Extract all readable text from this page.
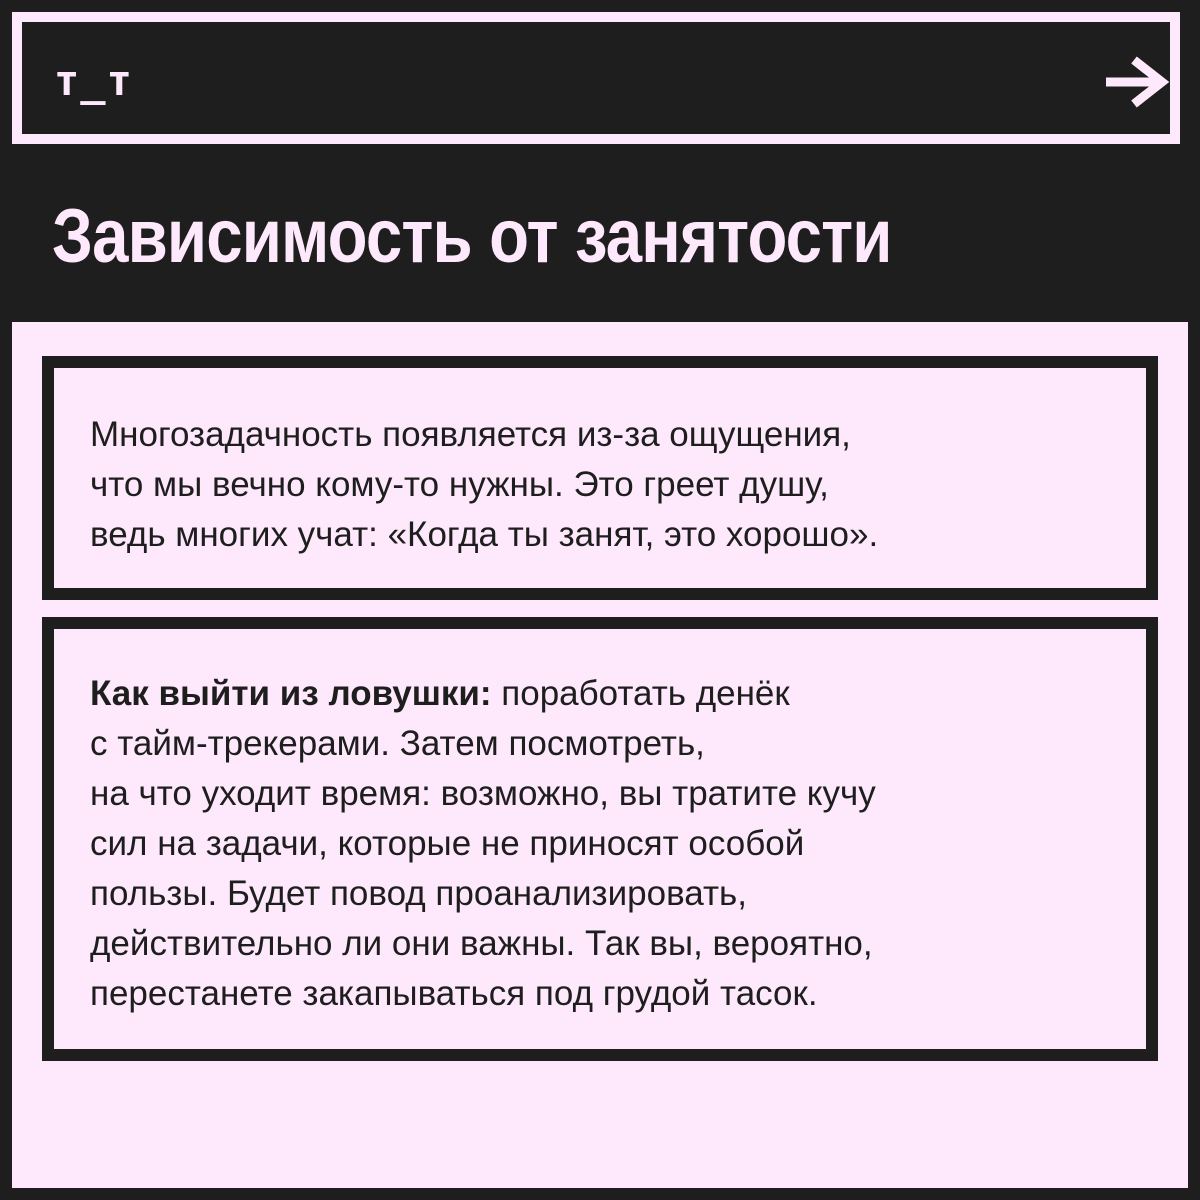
т_т
Зависимость от занятости
Многозадачность появляется из-за ощущения,
что мы вечно кому-то нужны. Это греет душу,
ведь многих учат: «Когда ты занят, это хорошо».
Как выйти из ловушки: поработать денёк
с тайм-трекерами. Затем посмотреть,
на что уходит время: возможно, вы тратите кучу
сил на задачи, которые не приносят особой
пользы. Будет повод проанализировать,
действительно ли они важны. Так вы, вероятно,
перестанете закапываться под грудой тасок.
